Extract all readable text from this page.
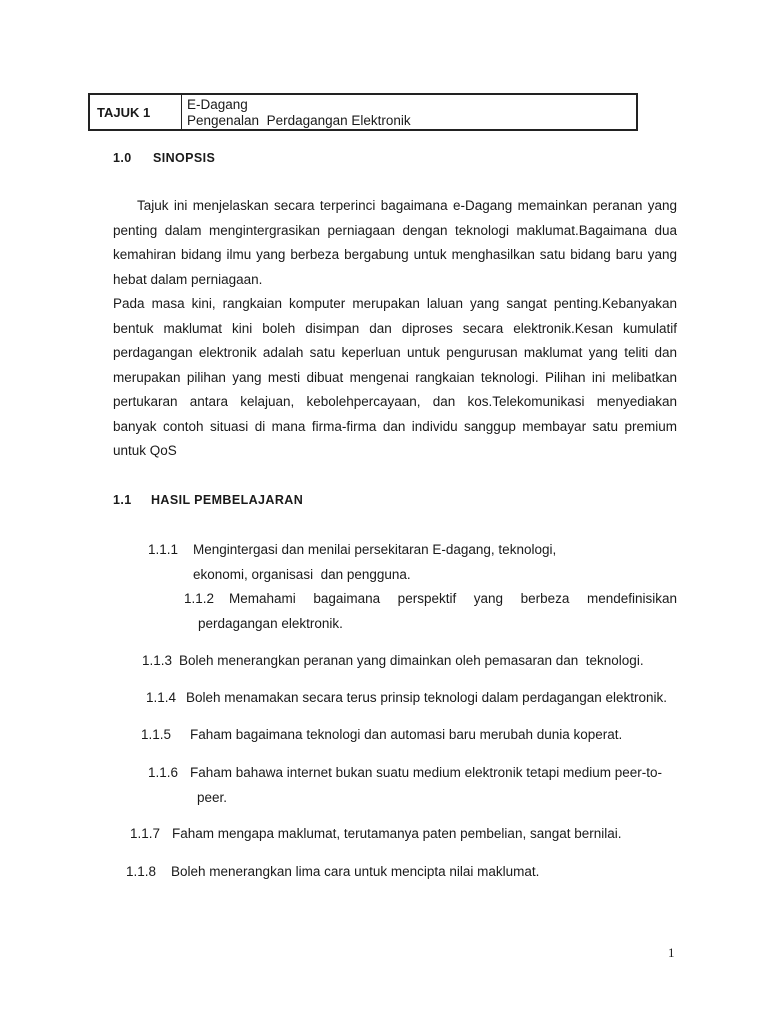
TAJUK 1	E-Dagang
Pengenalan  Perdagangan Elektronik
1.0 SINOPSIS
Tajuk ini menjelaskan secara terperinci bagaimana e-Dagang memainkan peranan yang
penting dalam mengintergrasikan perniagaan dengan teknologi maklumat.Bagaimana dua
kemahiran bidang ilmu yang berbeza bergabung untuk menghasilkan satu bidang baru yang
hebat dalam perniagaan.
Pada masa kini, rangkaian komputer merupakan laluan yang sangat penting.Kebanyakan
bentuk maklumat kini boleh disimpan dan diproses secara elektronik.Kesan kumulatif
perdagangan elektronik adalah satu keperluan untuk pengurusan maklumat yang teliti dan
merupakan pilihan yang mesti dibuat mengenai rangkaian teknologi. Pilihan ini melibatkan
pertukaran antara kelajuan, kebolehpercayaan, dan kos.Telekomunikasi menyediakan
banyak contoh situasi di mana firma-firma dan individu sanggup membayar satu premium
untuk QoS
1.1 HASIL PEMBELAJARAN
1.1.1 Mengintergasi dan menilai persekitaran E-dagang, teknologi,
ekonomi, organisasi  dan pengguna.
1.1.2	Memahami bagaimana perspektif yang berbeza mendefinisikan
perdagangan elektronik.
1.1.3 Boleh menerangkan peranan yang dimainkan oleh pemasaran dan  teknologi.
1.1.4 Boleh menamakan secara terus prinsip teknologi dalam perdagangan elektronik.
1.1.5 Faham bagaimana teknologi dan automasi baru merubah dunia koperat.
1.1.6 Faham bahawa internet bukan suatu medium elektronik tetapi medium peer-to-
peer.
1.1.7 Faham mengapa maklumat, terutamanya paten pembelian, sangat bernilai.
1.1.8 Boleh menerangkan lima cara untuk mencipta nilai maklumat.
1
